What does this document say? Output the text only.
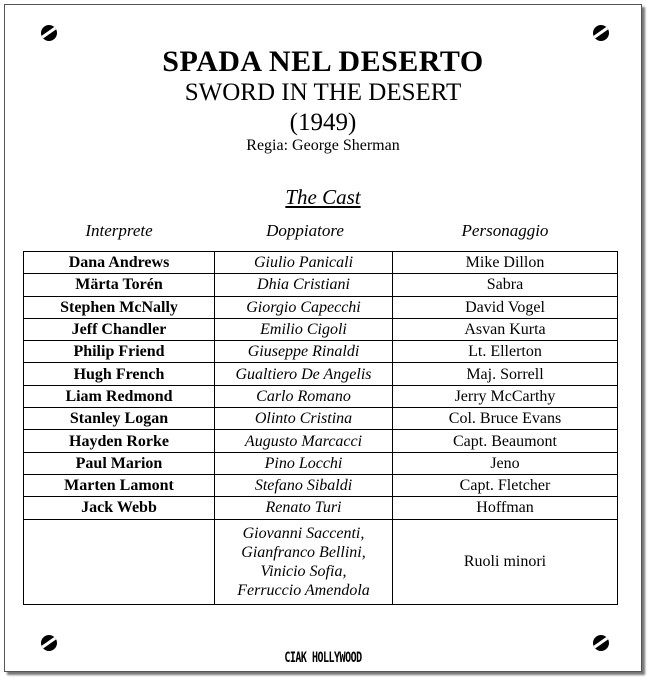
SPADA NEL DESERTO
SWORD IN THE DESERT
(1949)
Regia: George Sherman
The Cast
Interprete	Doppiatore	Personaggio
Dana Andrews	Giulio Panicali	Mike Dillon
Märta Torén	Dhia Cristiani	Sabra
Stephen McNally	Giorgio Capecchi	David Vogel
Jeff Chandler	Emilio Cigoli	Asvan Kurta
Philip Friend	Giuseppe Rinaldi	Lt. Ellerton
Hugh French	Gualtiero De Angelis	Maj. Sorrell
Liam Redmond	Carlo Romano	Jerry McCarthy
Stanley Logan	Olinto Cristina	Col. Bruce Evans
Hayden Rorke	Augusto Marcacci	Capt. Beaumont
Paul Marion	Pino Locchi	Jeno
Marten Lamont	Stefano Sibaldi	Capt. Fletcher
Jack Webb	Renato Turi	Hoffman

	Giovanni Saccenti,
Gianfranco Bellini,
Vinicio Sofia,
Ferruccio Amendola	Ruoli minori
CIAK HOLLYWOOD
